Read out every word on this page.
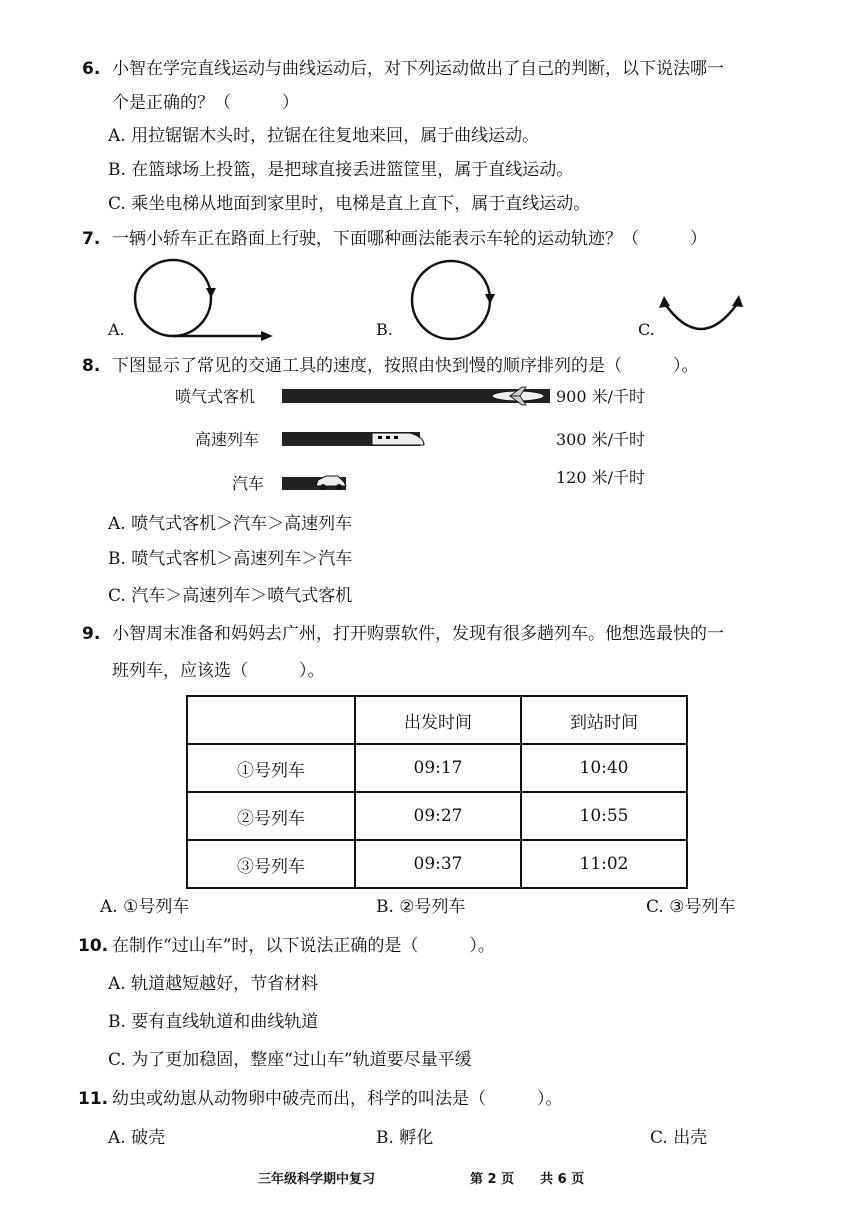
6. 小智在学完直线运动与曲线运动后，对下列运动做出了自己的判断，以下说法哪一
个是正确的？（　　　）
A. 用拉锯锯木头时，拉锯在往复地来回，属于曲线运动。
B. 在篮球场上投篮，是把球直接丢进篮筐里，属于直线运动。
C. 乘坐电梯从地面到家里时，电梯是直上直下，属于直线运动。
7. 一辆小轿车正在路面上行驶，下面哪种画法能表示车轮的运动轨迹？（　　　）
A.	B.	C.
8. 下图显示了常见的交通工具的速度，按照由快到慢的顺序排列的是（　　　）。
喷气式客机	900 米/千时
高速列车	300 米/千时
汽车	120 米/千时
A. 喷气式客机＞汽车＞高速列车
B. 喷气式客机＞高速列车＞汽车
C. 汽车＞高速列车＞喷气式客机
9. 小智周末准备和妈妈去广州，打开购票软件，发现有很多趟列车。他想选最快的一
班列车，应该选（　　　）。
	出发时间	到站时间
①号列车	09:17	10:40
②号列车	09:27	10:55
③号列车	09:37	11:02
A. ①号列车	B. ②号列车	C. ③号列车
10. 在制作“过山车”时，以下说法正确的是（　　　）。
A. 轨道越短越好，节省材料
B. 要有直线轨道和曲线轨道
C. 为了更加稳固，整座“过山车”轨道要尽量平缓
11. 幼虫或幼崽从动物卵中破壳而出，科学的叫法是（　　　）。
A. 破壳	B. 孵化	C. 出壳
三年级科学期中复习	第 2 页　　共 6 页
